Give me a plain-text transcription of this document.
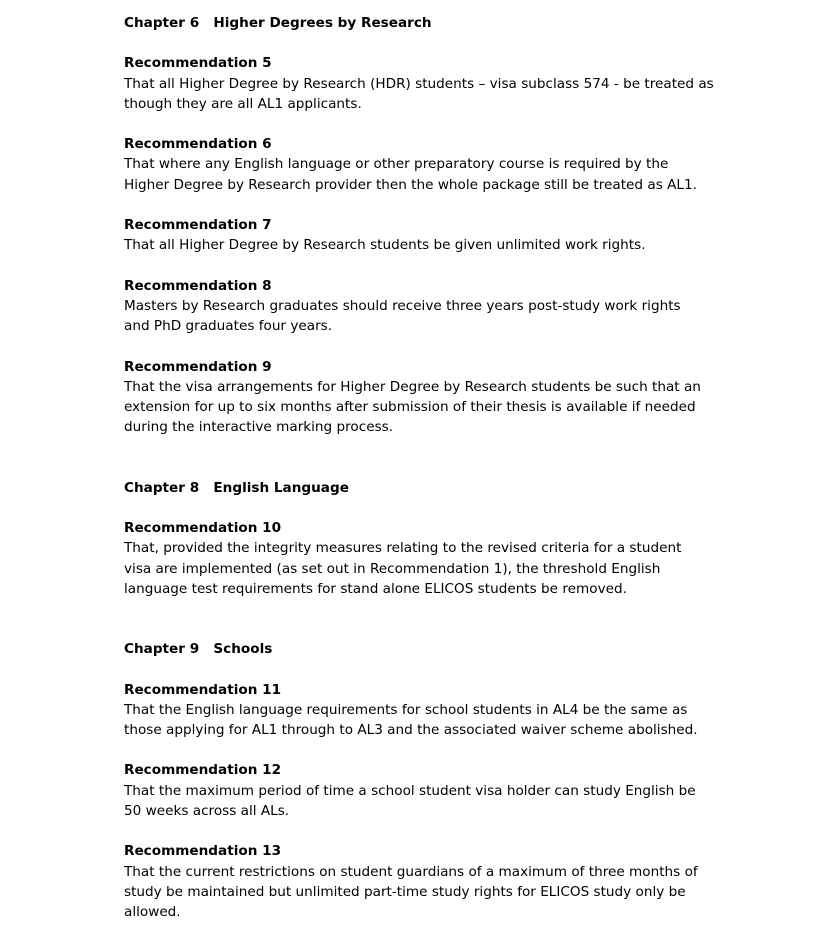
Chapter 6   Higher Degrees by Research

Recommendation 5

That all Higher Degree by Research (HDR) students – visa subclass 574 - be treated as
though they are all AL1 applicants.

Recommendation 6

That where any English language or other preparatory course is required by the
Higher Degree by Research provider then the whole package still be treated as AL1.

Recommendation 7

That all Higher Degree by Research students be given unlimited work rights.

Recommendation 8

Masters by Research graduates should receive three years post-study work rights
and PhD graduates four years.

Recommendation 9

That the visa arrangements for Higher Degree by Research students be such that an
extension for up to six months after submission of their thesis is available if needed
during the interactive marking process.

Chapter 8   English Language

Recommendation 10

That, provided the integrity measures relating to the revised criteria for a student
visa are implemented (as set out in Recommendation 1), the threshold English
language test requirements for stand alone ELICOS students be removed.

Chapter 9   Schools

Recommendation 11

That the English language requirements for school students in AL4 be the same as
those applying for AL1 through to AL3 and the associated waiver scheme abolished.

Recommendation 12

That the maximum period of time a school student visa holder can study English be
50 weeks across all ALs.

Recommendation 13

That the current restrictions on student guardians of a maximum of three months of
study be maintained but unlimited part-time study rights for ELICOS study only be
allowed.
